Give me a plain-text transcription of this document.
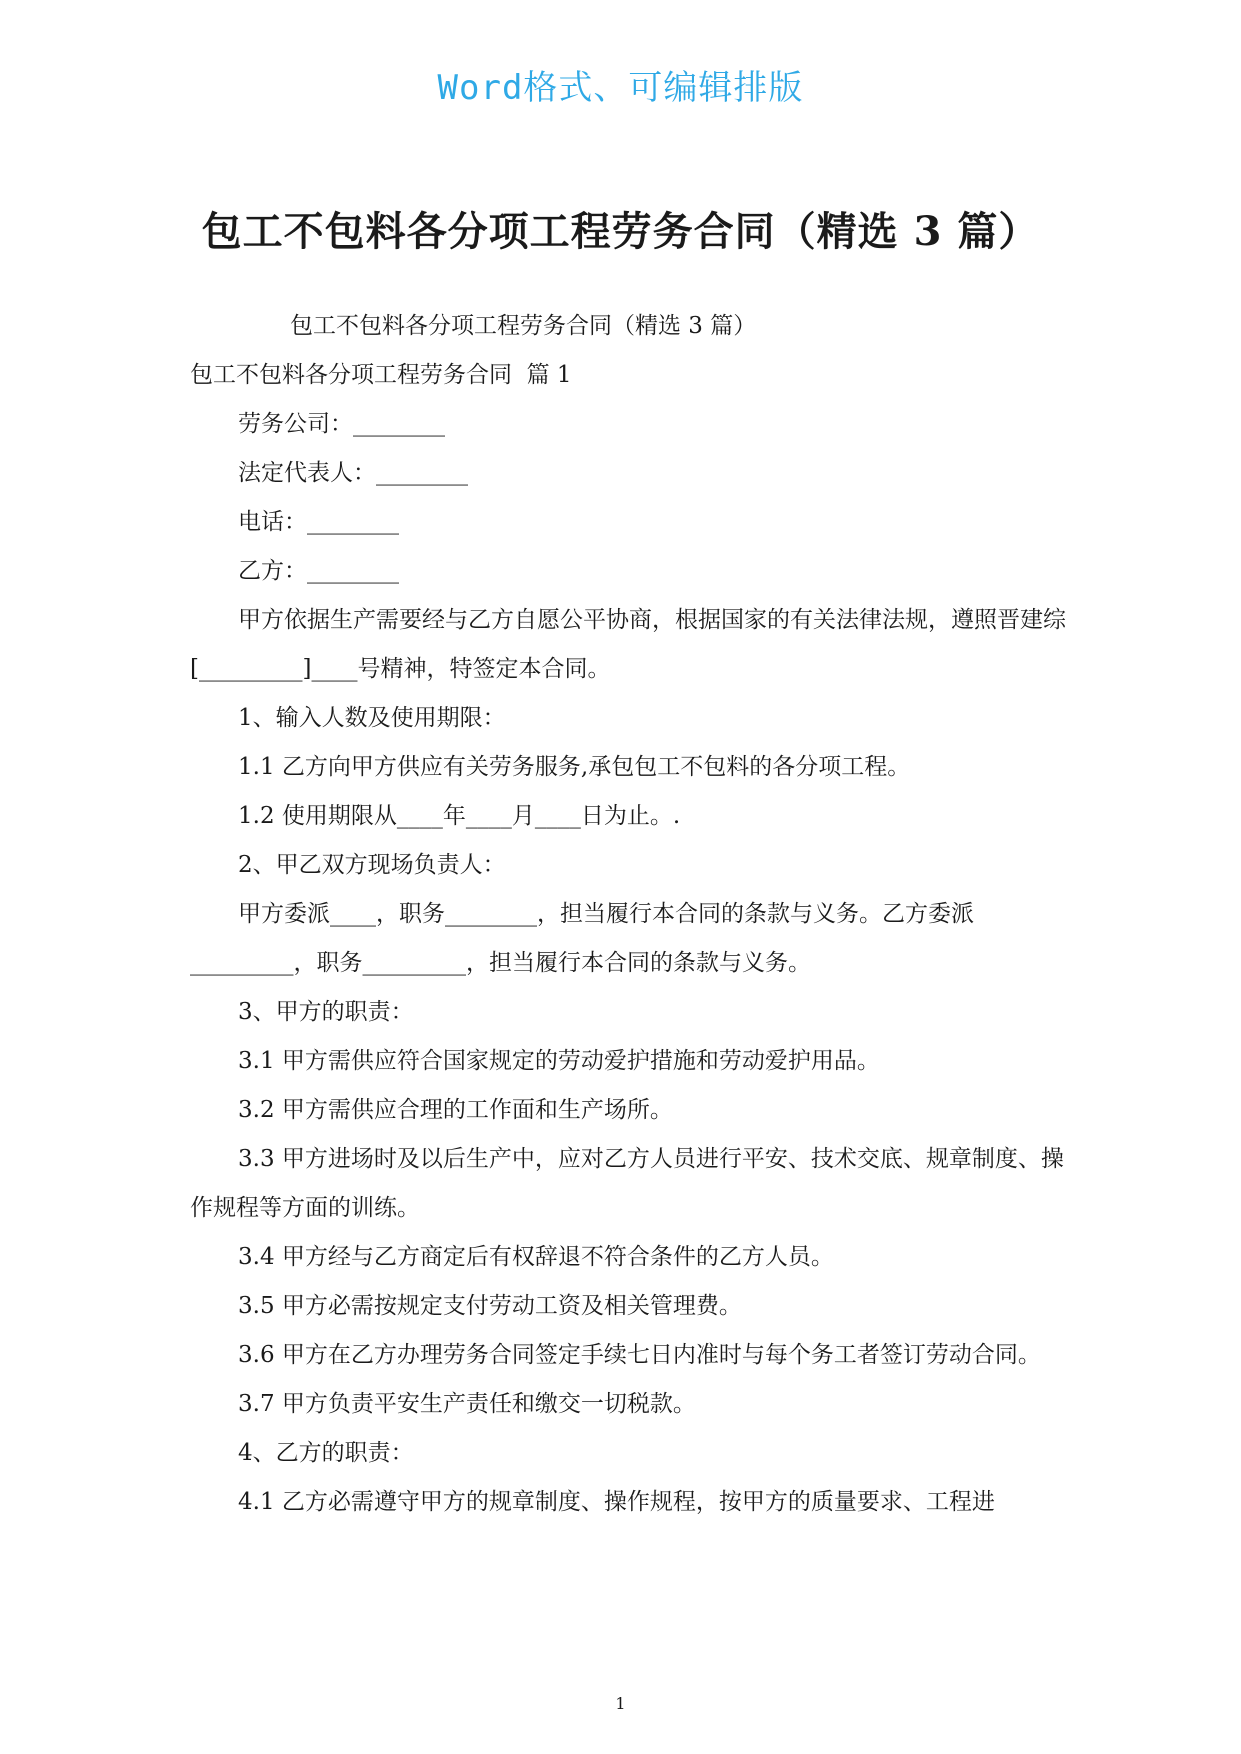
Word格式、可编辑排版
包工不包料各分项工程劳务合同（精选 3 篇）

包工不包料各分项工程劳务合同（精选 3 篇）

包工不包料各分项工程劳务合同  篇 1

劳务公司：________

法定代表人：________

电话：________

乙方：________

甲方依据生产需要经与乙方自愿公平协商，根据国家的有关法律法规，遵照晋建综[_________]____号精神，特签定本合同。

1、输入人数及使用期限：

1.1 乙方向甲方供应有关劳务服务,承包包工不包料的各分项工程。

1.2 使用期限从____年____月____日为止。.

2、甲乙双方现场负责人：

甲方委派____，职务________，担当履行本合同的条款与义务。乙方委派_________，职务_________，担当履行本合同的条款与义务。

3、甲方的职责：

3.1 甲方需供应符合国家规定的劳动爱护措施和劳动爱护用品。

3.2 甲方需供应合理的工作面和生产场所。

3.3 甲方进场时及以后生产中，应对乙方人员进行平安、技术交底、规章制度、操作规程等方面的训练。

3.4 甲方经与乙方商定后有权辞退不符合条件的乙方人员。

3.5 甲方必需按规定支付劳动工资及相关管理费。

3.6 甲方在乙方办理劳务合同签定手续七日内准时与每个务工者签订劳动合同。

3.7 甲方负责平安生产责任和缴交一切税款。

4、乙方的职责：

4.1 乙方必需遵守甲方的规章制度、操作规程，按甲方的质量要求、工程进

1
